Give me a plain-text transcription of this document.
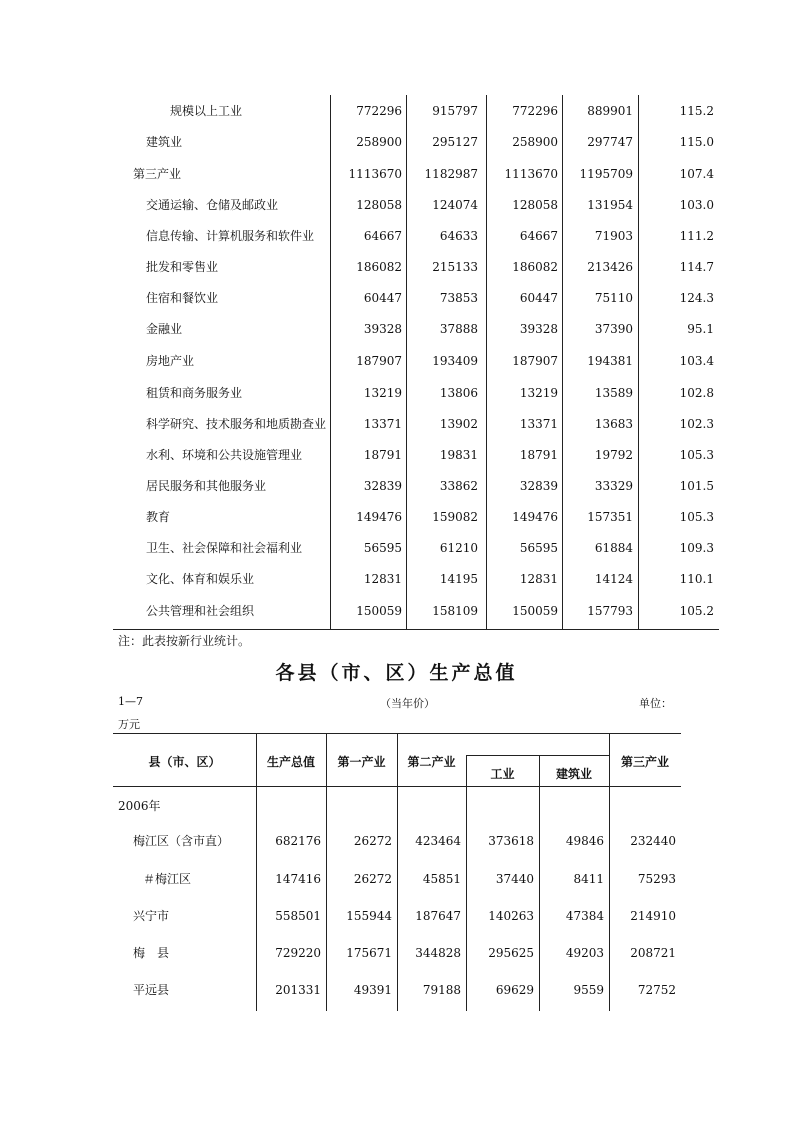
规模以上工业	772296	915797	772296	889901	115.2
建筑业	258900	295127	258900	297747	115.0
第三产业	1113670	1182987	1113670	1195709	107.4
交通运输、仓储及邮政业	128058	124074	128058	131954	103.0
信息传输、计算机服务和软件业	64667	64633	64667	71903	111.2
批发和零售业	186082	215133	186082	213426	114.7
住宿和餐饮业	60447	73853	60447	75110	124.3
金融业	39328	37888	39328	37390	95.1
房地产业	187907	193409	187907	194381	103.4
租赁和商务服务业	13219	13806	13219	13589	102.8
科学研究、技术服务和地质勘查业	13371	13902	13371	13683	102.3
水利、环境和公共设施管理业	18791	19831	18791	19792	105.3
居民服务和其他服务业	32839	33862	32839	33329	101.5
教育	149476	159082	149476	157351	105.3
卫生、社会保障和社会福利业	56595	61210	56595	61884	109.3
文化、体育和娱乐业	12831	14195	12831	14124	110.1
公共管理和社会组织	150059	158109	150059	157793	105.2
注：此表按新行业统计。
各县（市、区）生产总值
1—7	（当年价）	单位：
万元
县（市、区）	生产总值	第一产业	第二产业
工业	建筑业
第三产业
2006年
梅江区（含市直）	682176	26272	423464	373618	49846	232440
＃梅江区	147416	26272	45851	37440	8411	75293
兴宁市	558501	155944	187647	140263	47384	214910
梅　县	729220	175671	344828	295625	49203	208721
平远县	201331	49391	79188	69629	9559	72752
